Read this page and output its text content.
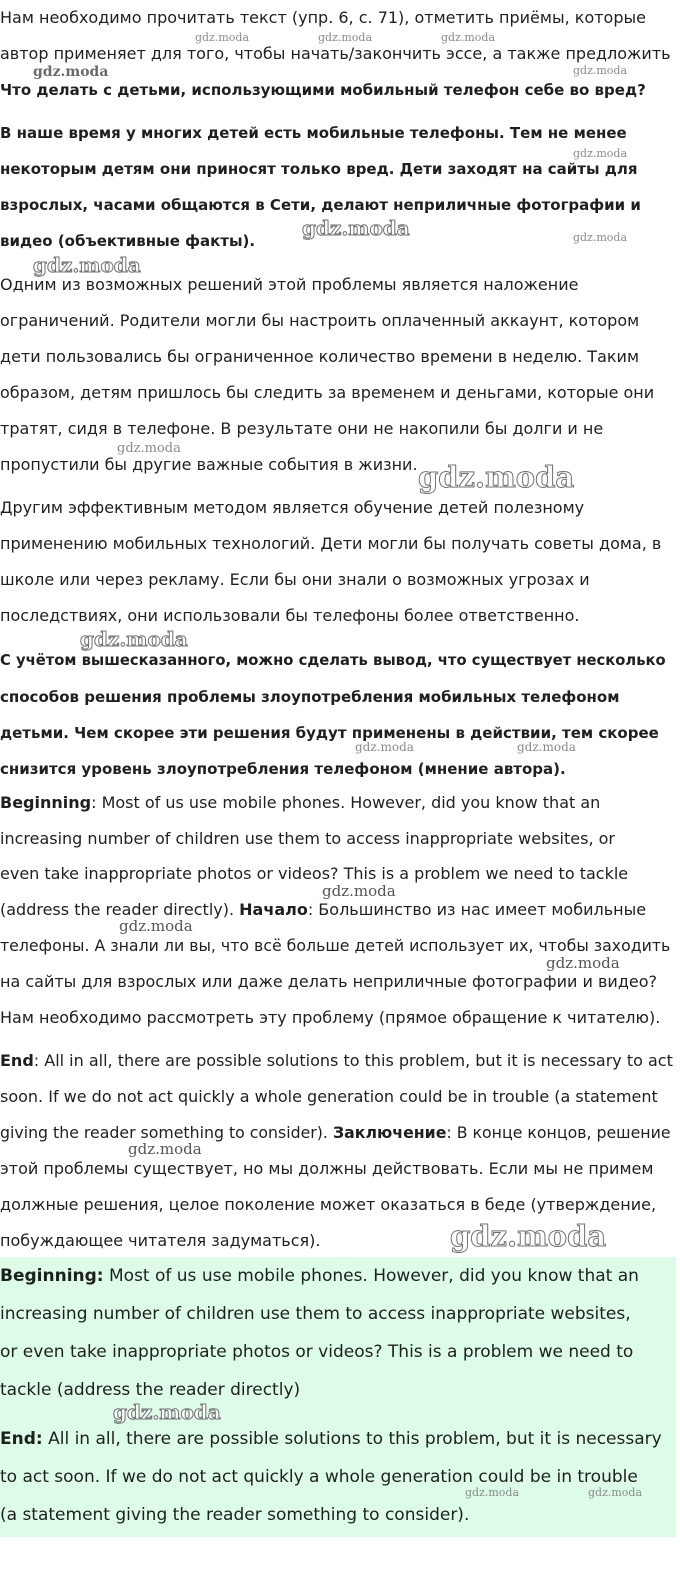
Нам необходимо прочитать текст (упр. 6, с. 71), отметить приёмы, которые
автор применяет для того, чтобы начать/закончить эссе, а также предложить
Что делать с детьми, использующими мобильный телефон себе во вред?
В наше время у многих детей есть мобильные телефоны. Тем не менее
некоторым детям они приносят только вред. Дети заходят на сайты для
взрослых, часами общаются в Сети, делают неприличные фотографии и
видео (объективные факты).
Одним из возможных решений этой проблемы является наложение
ограничений. Родители могли бы настроить оплаченный аккаунт, котором
дети пользовались бы ограниченное количество времени в неделю. Таким
образом, детям пришлось бы следить за временем и деньгами, которые они
тратят, сидя в телефоне. В результате они не накопили бы долги и не
пропустили бы другие важные события в жизни.
Другим эффективным методом является обучение детей полезному
применению мобильных технологий. Дети могли бы получать советы дома, в
школе или через рекламу. Если бы они знали о возможных угрозах и
последствиях, они использовали бы телефоны более ответственно.
С учётом вышесказанного, можно сделать вывод, что существует несколько
способов решения проблемы злоупотребления мобильных телефоном
детьми. Чем скорее эти решения будут применены в действии, тем скорее
снизится уровень злоупотребления телефоном (мнение автора).
Beginning: Most of us use mobile phones. However, did you know that an
increasing number of children use them to access inappropriate websites, or
even take inappropriate photos or videos? This is a problem we need to tackle
(address the reader directly). Начало: Большинство из нас имеет мобильные
телефоны. А знали ли вы, что всё больше детей использует их, чтобы заходить
на сайты для взрослых или даже делать неприличные фотографии и видео?
Нам необходимо рассмотреть эту проблему (прямое обращение к читателю).
End: All in all, there are possible solutions to this problem, but it is necessary to act
soon. If we do not act quickly a whole generation could be in trouble (a statement
giving the reader something to consider). Заключение: В конце концов, решение
этой проблемы существует, но мы должны действовать. Если мы не примем
должные решения, целое поколение может оказаться в беде (утверждение,
побуждающее читателя задуматься).
Beginning: Most of us use mobile phones. However, did you know that an
increasing number of children use them to access inappropriate websites,
or even take inappropriate photos or videos? This is a problem we need to
tackle (address the reader directly)
End: All in all, there are possible solutions to this problem, but it is necessary
to act soon. If we do not act quickly a whole generation could be in trouble
(a statement giving the reader something to consider).
gdz.moda	gdz.moda	gdz.moda
gdz.moda	gdz.moda
gdz.moda
gdz.moda	gdz.moda
gdz.moda
gdz.moda
gdz.moda
gdz.moda
gdz.moda	gdz.moda
gdz.moda
gdz.moda
gdz.moda
gdz.moda
gdz.moda
gdz.moda
gdz.moda	gdz.moda
